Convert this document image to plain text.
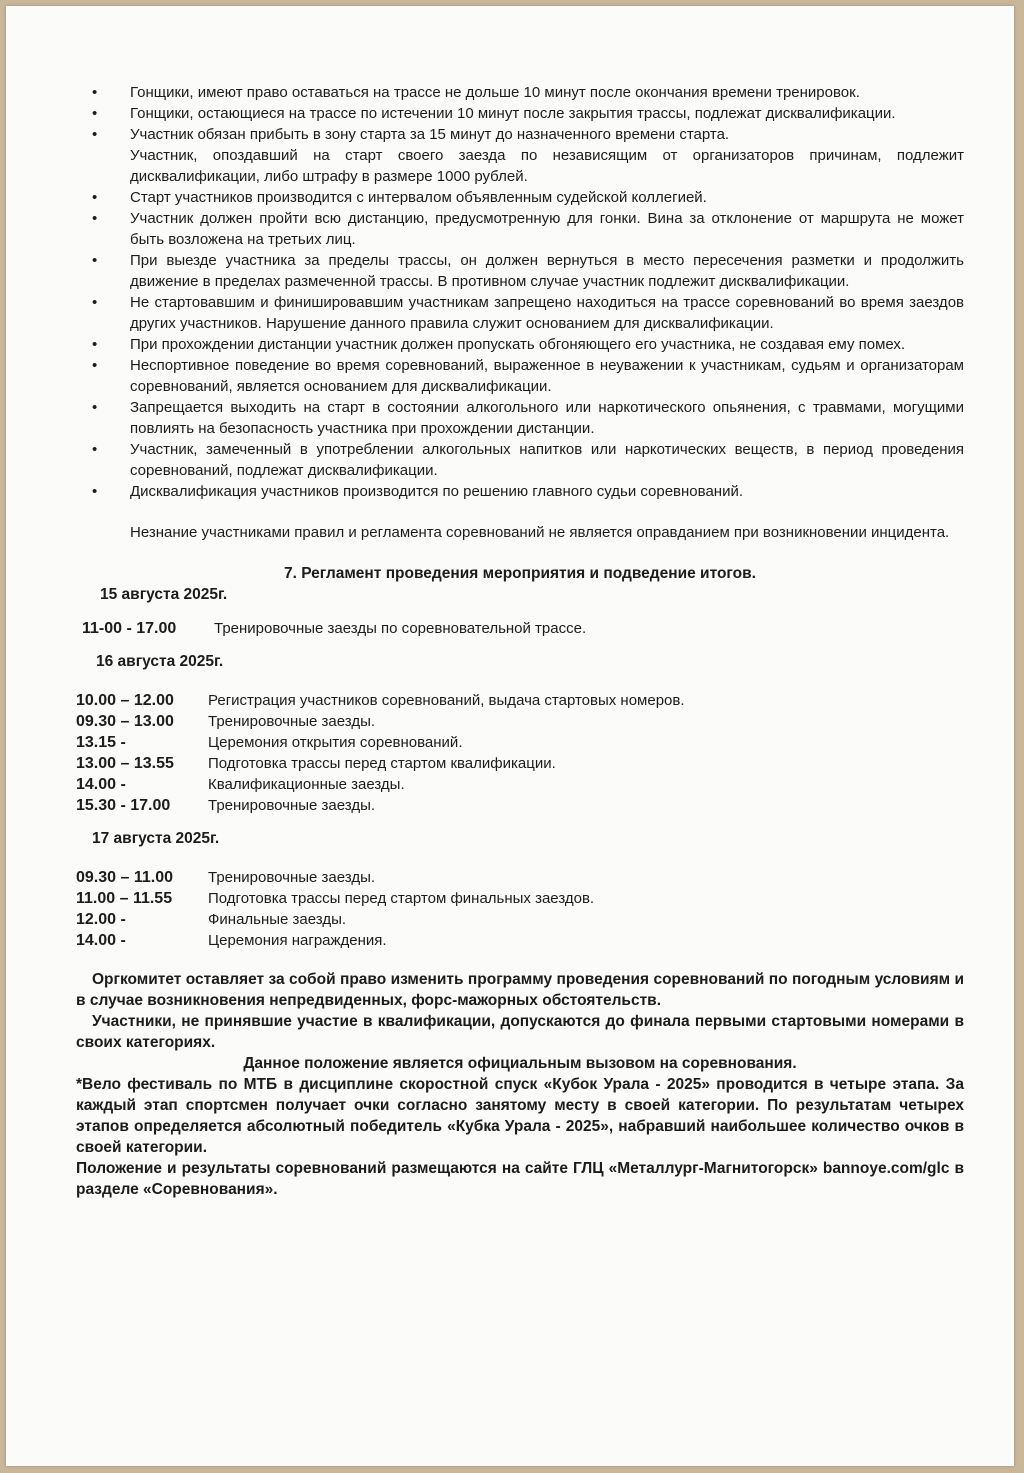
• Гонщики, имеют право оставаться на трассе не дольше 10 минут после окончания времени тренировок.
• Гонщики, остающиеся на трассе по истечении 10 минут после закрытия трассы, подлежат дисквалификации.
• Участник обязан прибыть в зону старта за 15 минут до назначенного времени старта.
Участник, опоздавший на старт своего заезда по независящим от организаторов причинам, подлежит дисквалификации, либо штрафу в размере 1000 рублей.
• Старт участников производится с интервалом объявленным судейской коллегией.
• Участник должен пройти всю дистанцию, предусмотренную для гонки. Вина за отклонение от маршрута не может быть возложена на третьих лиц.
• При выезде участника за пределы трассы, он должен вернуться в место пересечения разметки и продолжить движение в пределах размеченной трассы. В противном случае участник подлежит дисквалификации.
• Не стартовавшим и финишировавшим участникам запрещено находиться на трассе соревнований во время заездов других участников. Нарушение данного правила служит основанием для дисквалификации.
• При прохождении дистанции участник должен пропускать обгоняющего его участника, не создавая ему помех.
• Неспортивное поведение во время соревнований, выраженное в неуважении к участникам, судьям и организаторам соревнований, является основанием для дисквалификации.
• Запрещается выходить на старт в состоянии алкогольного или наркотического опьянения, с травмами, могущими повлиять на безопасность участника при прохождении дистанции.
• Участник, замеченный в употреблении алкогольных напитков или наркотических веществ, в период проведения соревнований, подлежат дисквалификации.
• Дисквалификация участников производится по решению главного судьи соревнований.

Незнание участниками правил и регламента соревнований не является оправданием при возникновении инцидента.

7. Регламент проведения мероприятия и подведение итогов.
15 августа 2025г.
11-00 - 17.00	Тренировочные заезды по соревновательной трассе.
16 августа 2025г.
10.00 – 12.00	Регистрация участников соревнований, выдача стартовых номеров.
09.30 – 13.00	Тренировочные заезды.
13.15 -	Церемония открытия соревнований.
13.00 – 13.55	Подготовка трассы перед стартом квалификации.
14.00 -	Квалификационные заезды.
15.30 - 17.00	Тренировочные заезды.
17 августа 2025г.
09.30 – 11.00	Тренировочные заезды.
11.00 – 11.55	Подготовка трассы перед стартом финальных заездов.
12.00 -	Финальные заезды.
14.00 -	Церемония награждения.
Оргкомитет оставляет за собой право изменить программу проведения соревнований по погодным условиям и в случае возникновения непредвиденных, форс-мажорных обстоятельств.
Участники, не принявшие участие в квалификации, допускаются до финала первыми стартовыми номерами в своих категориях.
Данное положение является официальным вызовом на соревнования.
*Вело фестиваль по МТБ в дисциплине скоростной спуск «Кубок Урала - 2025» проводится в четыре этапа. За каждый этап спортсмен получает очки согласно занятому месту в своей категории. По результатам четырех этапов определяется абсолютный победитель «Кубка Урала - 2025», набравший наибольшее количество очков в своей категории.
Положение и результаты соревнований размещаются на сайте ГЛЦ «Металлург-Магнитогорск» bannoye.com/glc в разделе «Соревнования».
